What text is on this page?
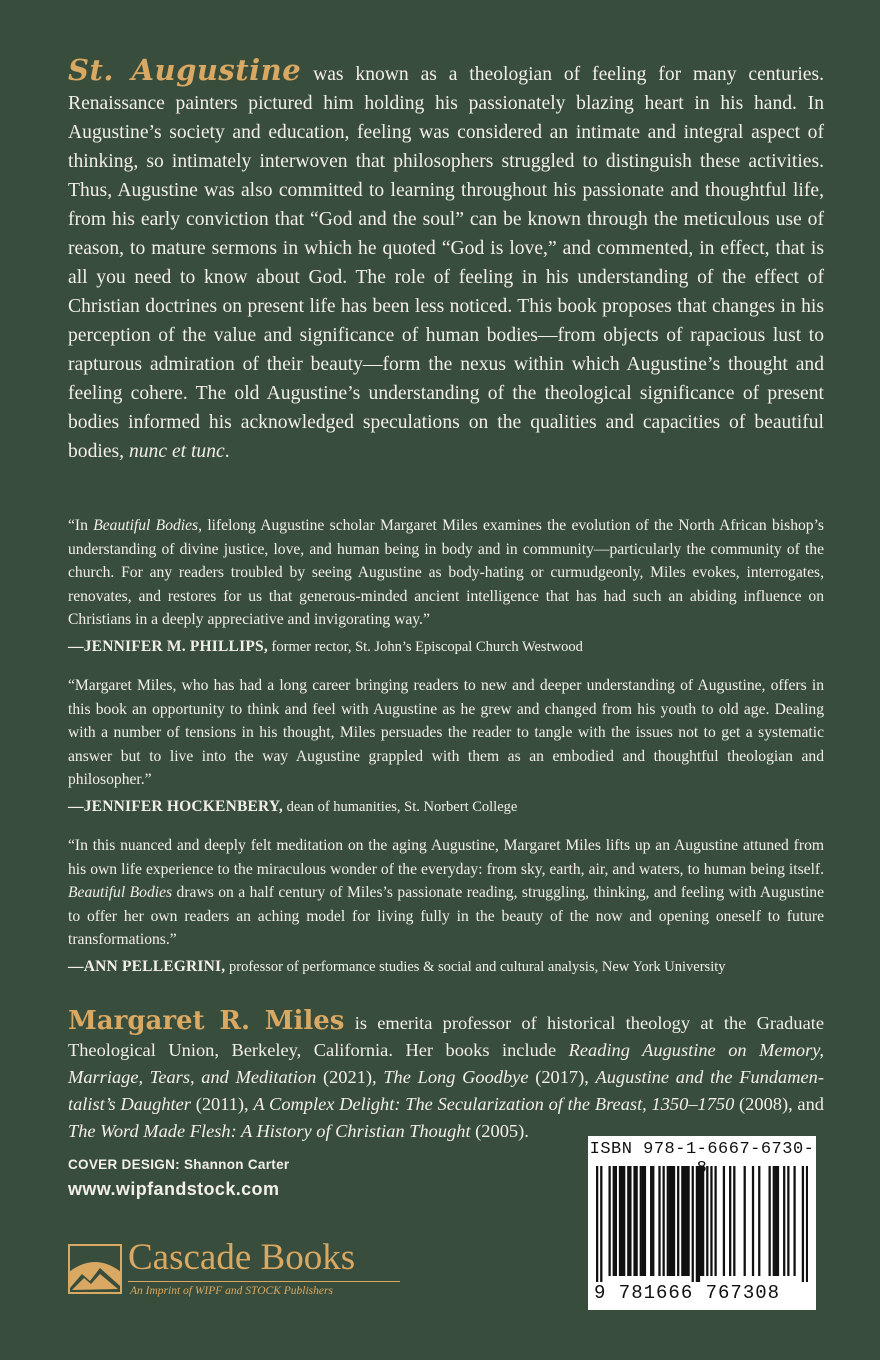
St. Augustine was known as a theologian of feeling for many centuries. Renaissance painters pictured him holding his passionately blazing heart in his hand. In Augustine’s society and education, feeling was considered an intimate and integral aspect of thinking, so intimately interwoven that philosophers struggled to distinguish these activities. Thus, Augustine was also committed to learning throughout his passionate and thoughtful life, from his early conviction that “God and the soul” can be known through the meticulous use of reason, to mature sermons in which he quoted “God is love,” and commented, in effect, that is all you need to know about God. The role of feeling in his understanding of the effect of Christian doctrines on present life has been less noticed. This book proposes that changes in his perception of the value and significance of human bodies—from objects of rapacious lust to rapturous admiration of their beauty—form the nexus within which Augustine’s thought and feeling cohere. The old Augustine’s understanding of the theological significance of present bodies informed his acknowledged speculations on the qualities and capacities of beautiful bodies, nunc et tunc.

“In Beautiful Bodies, lifelong Augustine scholar Margaret Miles examines the evolution of the North African bishop’s understanding of divine justice, love, and human being in body and in community—particularly the community of the church. For any readers troubled by seeing Augustine as body-hating or curmudgeonly, Miles evokes, interrogates, renovates, and restores for us that generous-minded ancient intelligence that has had such an abiding influence on Christians in a deeply appreciative and invigorating way.”

—JENNIFER M. PHILLIPS, former rector, St. John’s Episcopal Church Westwood

“Margaret Miles, who has had a long career bringing readers to new and deeper understanding of Augustine, offers in this book an opportunity to think and feel with Augustine as he grew and changed from his youth to old age. Dealing with a number of tensions in his thought, Miles persuades the reader to tangle with the issues not to get a systematic answer but to live into the way Augustine grappled with them as an embodied and thoughtful theologian and philosopher.”

—JENNIFER HOCKENBERY, dean of humanities, St. Norbert College

“In this nuanced and deeply felt meditation on the aging Augustine, Margaret Miles lifts up an Augustine attuned from his own life experience to the miraculous wonder of the everyday: from sky, earth, air, and waters, to human being itself. Beautiful Bodies draws on a half century of Miles’s passionate reading, struggling, thinking, and feeling with Augustine to offer her own readers an aching model for living fully in the beauty of the now and opening oneself to future transformations.”

—ANN PELLEGRINI, professor of performance studies & social and cultural analysis, New York University

Margaret R. Miles is emerita professor of historical theology at the Graduate Theological Union, Berkeley, California. Her books include Reading Augustine on Memory, Marriage, Tears, and Meditation (2021), The Long Goodbye (2017), Augustine and the Fundamentalist’s Daughter (2011), A Complex Delight: The Secularization of the Breast, 1350–1750 (2008), and The Word Made Flesh: A History of Christian Thought (2005).

COVER DESIGN: Shannon Carter
www.wipfandstock.com
Cascade Books
An Imprint of WIPF and STOCK Publishers
ISBN 978-1-6667-6730-
9 781666 767308
